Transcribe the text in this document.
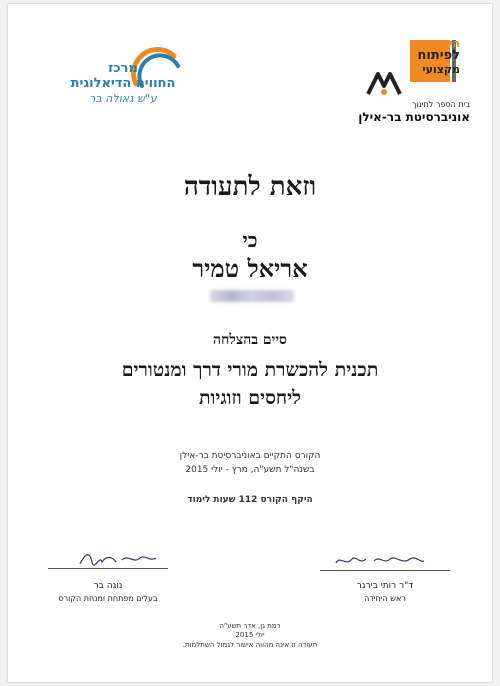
מרכז
החוויה הדיאלוגית
ע"ש גאולה בר
היחידה
לפיתוח
מקצועי
בית הספר לחינוך
אוניברסיטת בר-אילן
וזאת לתעודה
כי
אריאל טמיר
סיים בהצלחה
תכנית להכשרת מורי דרך ומנטורים
ליחסים וזוגיות
הקורס התקיים באוניברסיטת בר-אילן
בשנה"ל תשע"ה, מרץ - יולי 2015
היקף הקורס 112 שעות לימוד
נוגה בר
בעלים מפתחת ומנחת הקורס
ד"ר רותי בירגר
ראש היחידה
רמת גן, אדר תשע"ה
יולי 2015
תעודה זו אינה מהווה אישור לגמול השתלמות.
